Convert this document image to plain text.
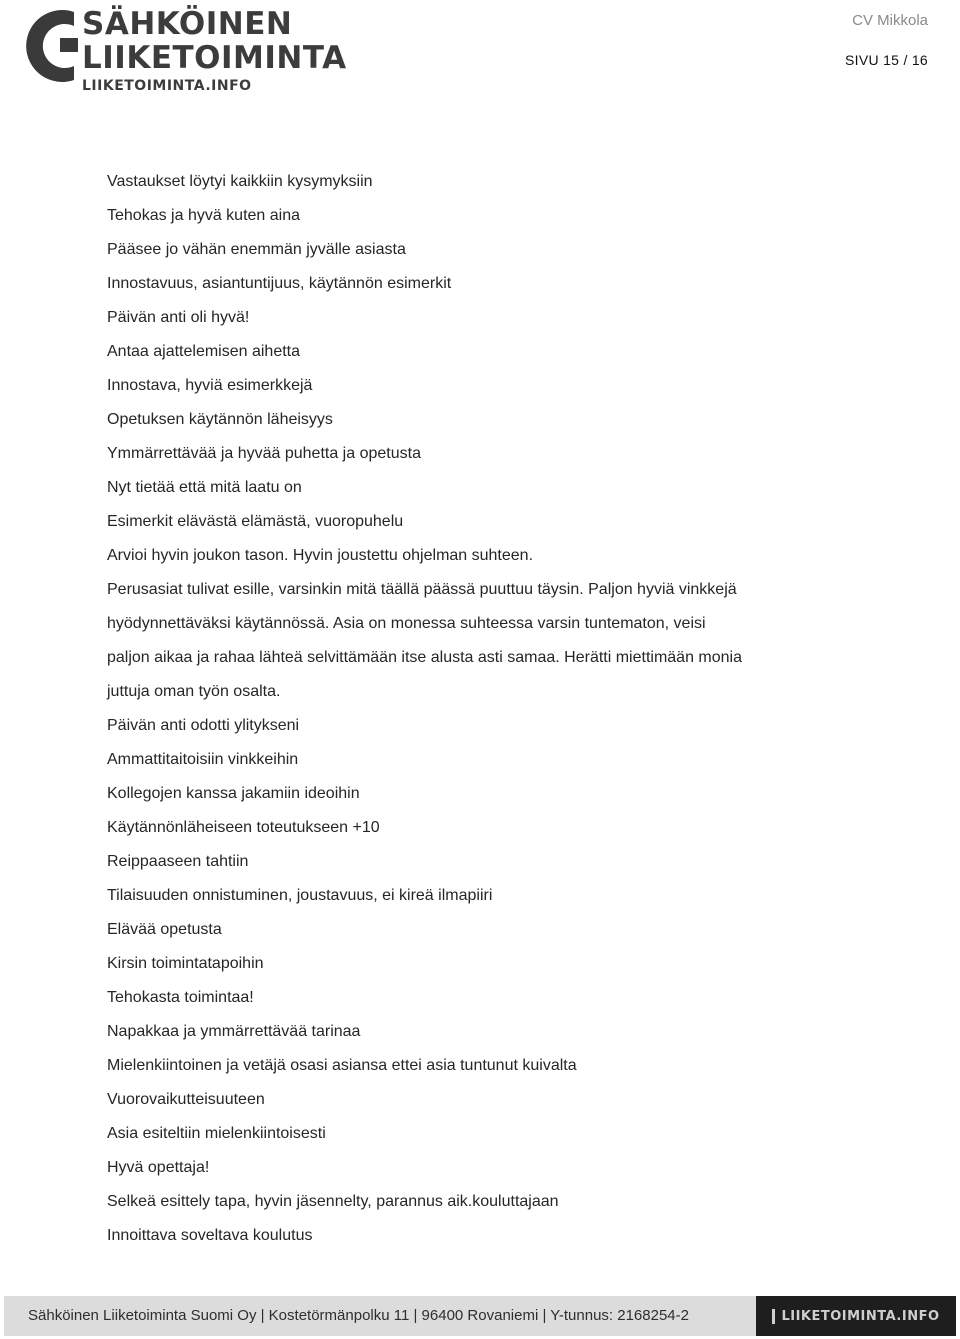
SÄHKÖINEN
LIIKETOIMINTA
LIIKETOIMINTA.INFO
CV Mikkola
SIVU 15 / 16

Vastaukset löytyi kaikkiin kysymyksiin

Tehokas ja hyvä kuten aina

Pääsee jo vähän enemmän jyvälle asiasta

Innostavuus, asiantuntijuus, käytännön esimerkit

Päivän anti oli hyvä!

Antaa ajattelemisen aihetta

Innostava, hyviä esimerkkejä

Opetuksen käytännön läheisyys

Ymmärrettävää ja hyvää puhetta ja opetusta

Nyt tietää että mitä laatu on

Esimerkit elävästä elämästä, vuoropuhelu

Arvioi hyvin joukon tason. Hyvin joustettu ohjelman suhteen.

Perusasiat tulivat esille, varsinkin mitä täällä päässä puuttuu täysin. Paljon hyviä vinkkejä

hyödynnettäväksi käytännössä. Asia on monessa suhteessa varsin tuntematon, veisi

paljon aikaa ja rahaa lähteä selvittämään itse alusta asti samaa. Herätti miettimään monia

juttuja oman työn osalta.

Päivän anti odotti ylitykseni

Ammattitaitoisiin vinkkeihin

Kollegojen kanssa jakamiin ideoihin

Käytännönläheiseen toteutukseen +10

Reippaaseen tahtiin

Tilaisuuden onnistuminen, joustavuus, ei kireä ilmapiiri

Elävää opetusta

Kirsin toimintatapoihin

Tehokasta toimintaa!

Napakkaa ja ymmärrettävää tarinaa

Mielenkiintoinen ja vetäjä osasi asiansa ettei asia tuntunut kuivalta

Vuorovaikutteisuuteen

Asia esiteltiin mielenkiintoisesti

Hyvä opettaja!

Selkeä esittely tapa, hyvin jäsennelty, parannus aik.kouluttajaan

Innoittava soveltava koulutus

Sähköinen Liiketoiminta Suomi Oy | Kostetörmänpolku 11 | 96400 Rovaniemi | Y-tunnus: 2168254-2	LIIKETOIMINTA.INFO
